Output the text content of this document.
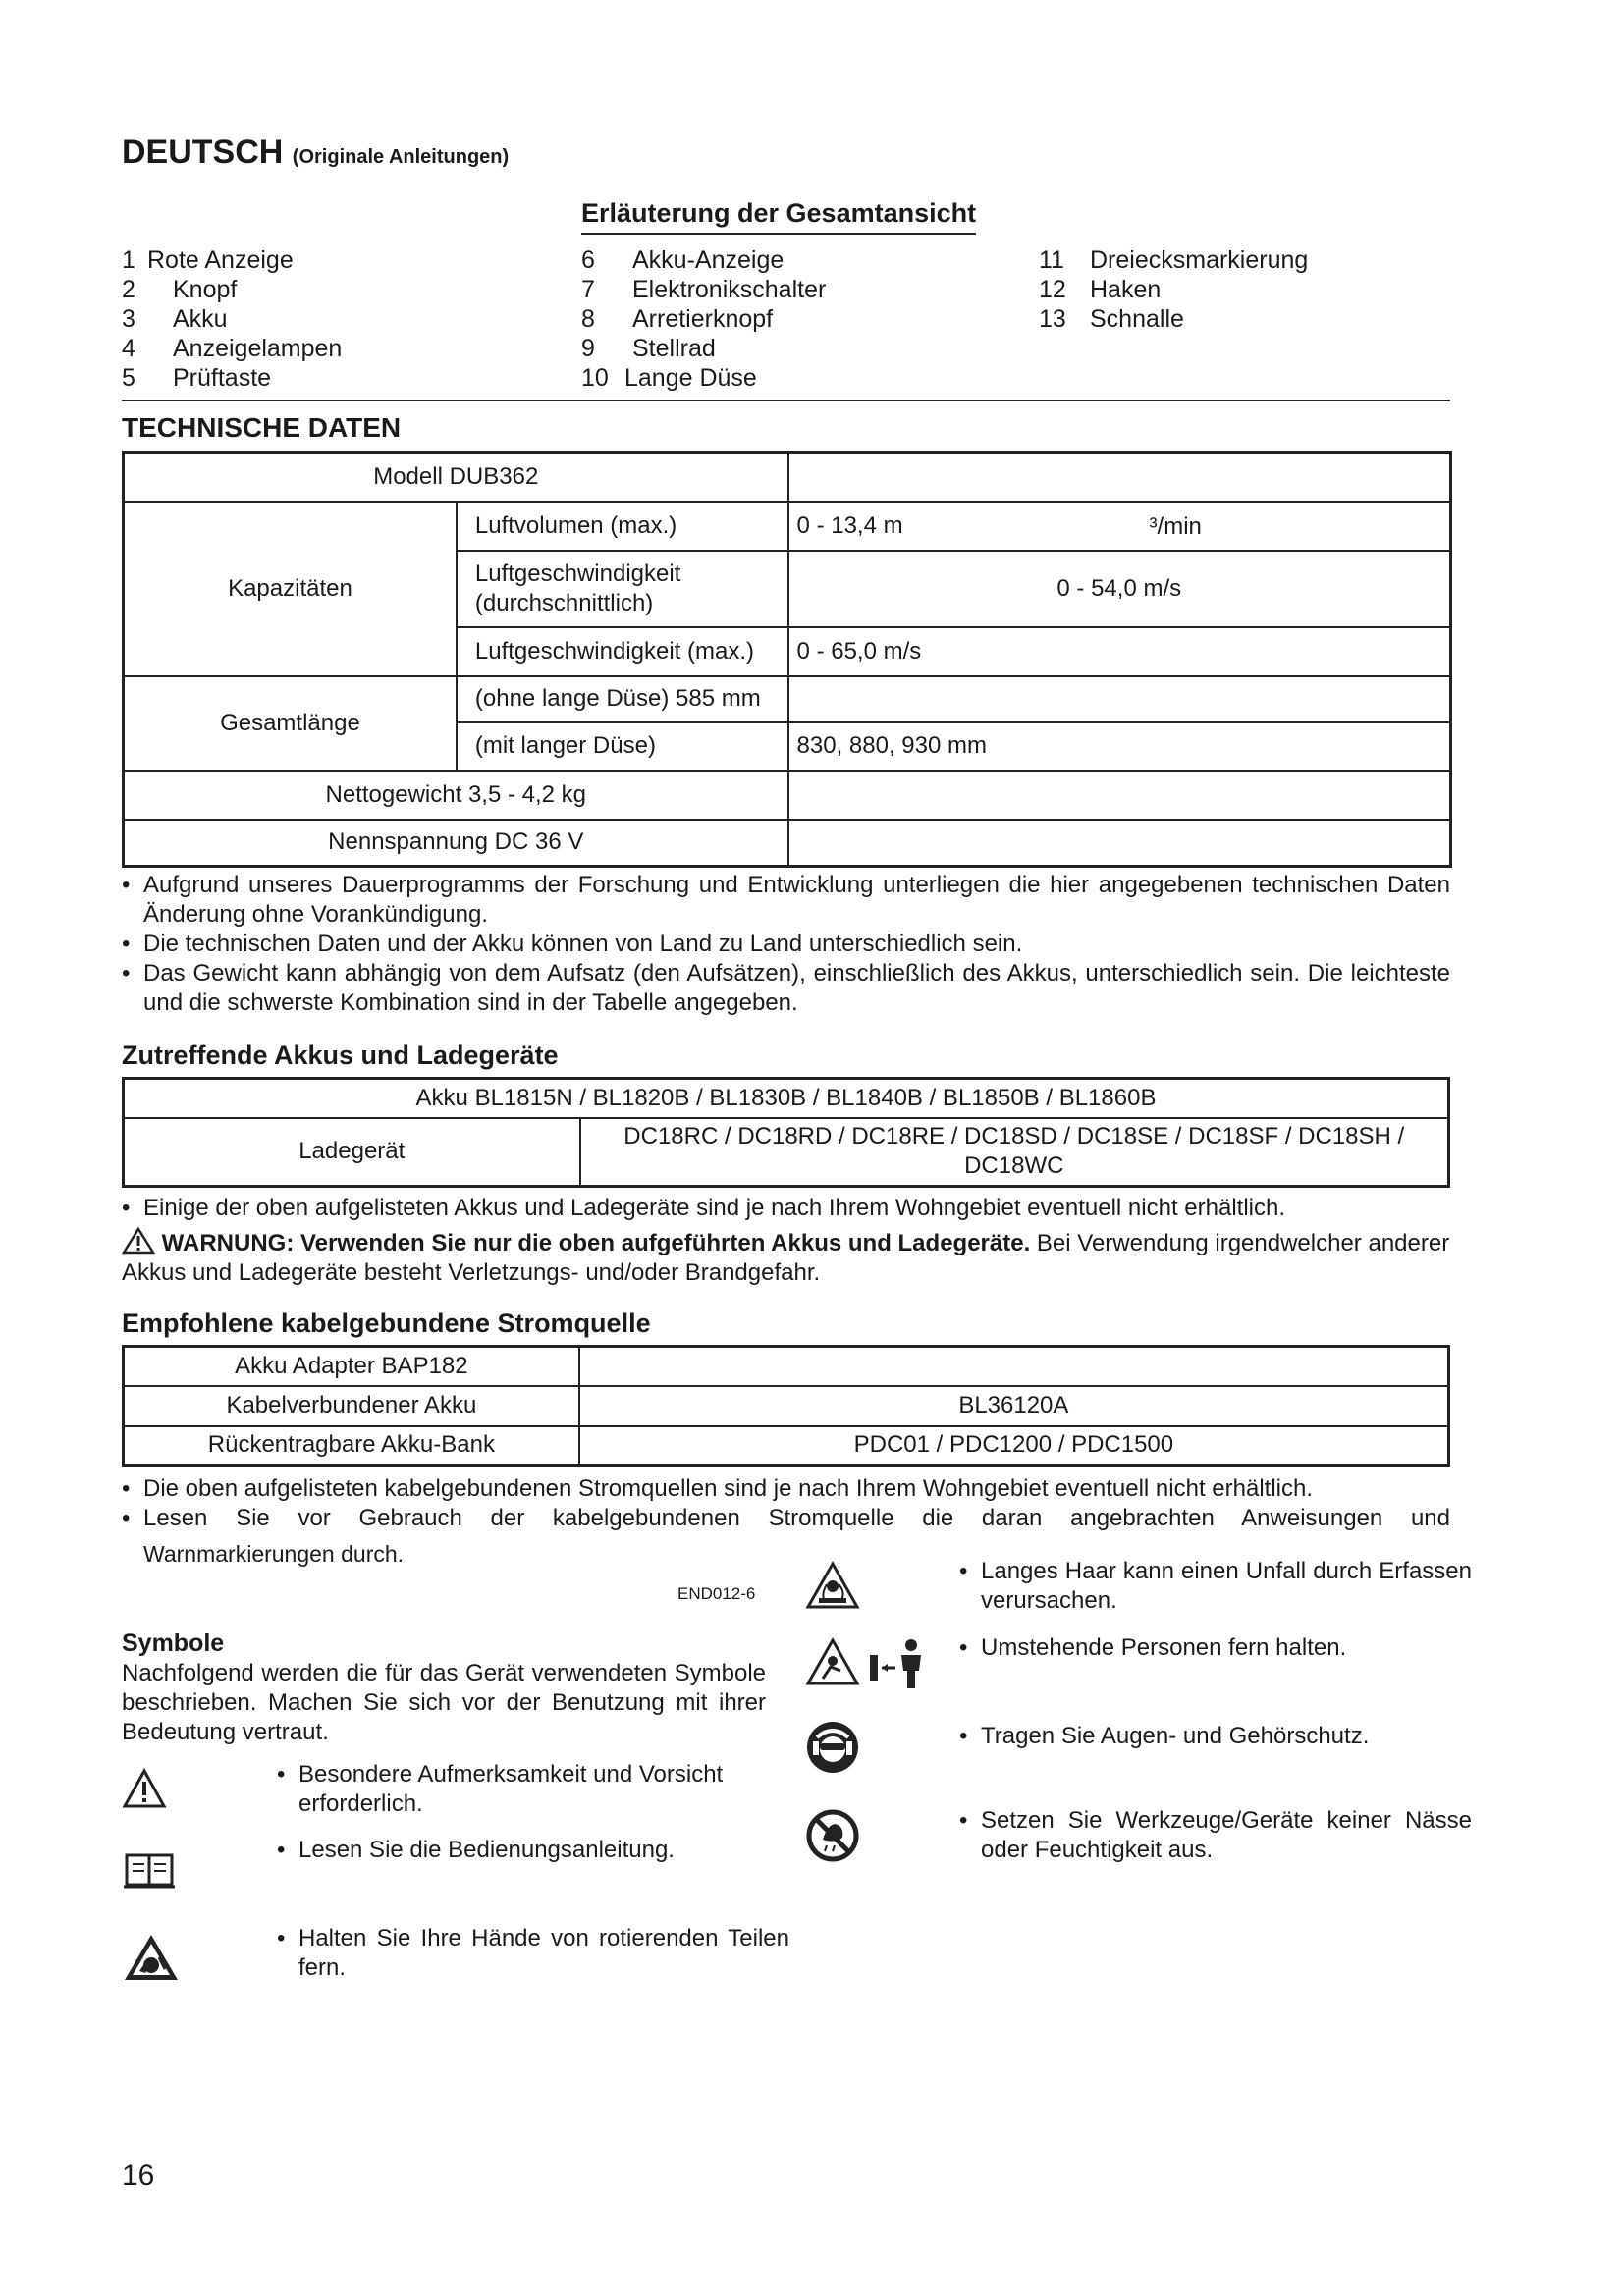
DEUTSCH (Originale Anleitungen)
Erläuterung der Gesamtansicht
1 Rote Anzeige
2 Knopf
3 Akku
4 Anzeigelampen
5 Prüftaste
6 Akku-Anzeige
7 Elektronikschalter
8 Arretierknopf
9 Stellrad
10 Lange Düse
11 Dreiecksmarkierung
12 Haken
13 Schnalle
TECHNISCHE DATEN
Modell DUB362		
Kapazitäten	Luftvolumen (max.)	0 - 13,4 m ³/min

	Luftgeschwindigkeit (durchschnittlich)	0 - 54,0 m/s
	Luftgeschwindigkeit (max.)	0 - 65,0 m/s
Gesamtlänge	(ohne lange Düse) 585 mm	
	(mit langer Düse)	830, 880, 930 mm
Nettogewicht 3,5 - 4,2 kg		
Nennspannung DC 36 V		
• Aufgrund unseres Dauerprogramms der Forschung und Entwicklung unterliegen die hier angegebenen technischen Daten Änderung ohne Vorankündigung.
• Die technischen Daten und der Akku können von Land zu Land unterschiedlich sein.
• Das Gewicht kann abhängig von dem Aufsatz (den Aufsätzen), einschließlich des Akkus, unterschiedlich sein. Die leichteste und die schwerste Kombination sind in der Tabelle angegeben.
Zutreffende Akkus und Ladegeräte
Akku BL1815N / BL1820B / BL1830B / BL1840B / BL1850B / BL1860B
Ladegerät	DC18RC / DC18RD / DC18RE / DC18SD / DC18SE / DC18SF / DC18SH / DC18WC
• Einige der oben aufgelisteten Akkus und Ladegeräte sind je nach Ihrem Wohngebiet eventuell nicht erhältlich.
WARNUNG: Verwenden Sie nur die oben aufgeführten Akkus und Ladegeräte. Bei Verwendung irgendwelcher anderer Akkus und Ladegeräte besteht Verletzungs- und/oder Brandgefahr.
Empfohlene kabelgebundene Stromquelle
Akku Adapter BAP182	
Kabelverbundener Akku	BL36120A
Rückentragbare Akku-Bank	PDC01 / PDC1200 / PDC1500
• Die oben aufgelisteten kabelgebundenen Stromquellen sind je nach Ihrem Wohngebiet eventuell nicht erhältlich.
• Lesen Sie vor Gebrauch der kabelgebundenen Stromquelle die daran angebrachten Anweisungen und
Warnmarkierungen durch.
END012-6
Symbole
Nachfolgend werden die für das Gerät verwendeten Symbole beschrieben. Machen Sie sich vor der Benutzung mit ihrer Bedeutung vertraut.
• Besondere Aufmerksamkeit und Vorsicht erforderlich.
• Lesen Sie die Bedienungsanleitung.
• Halten Sie Ihre Hände von rotierenden Teilen fern.
• Langes Haar kann einen Unfall durch Erfassen verursachen.
• Umstehende Personen fern halten.
• Tragen Sie Augen- und Gehörschutz.
• Setzen Sie Werkzeuge/Geräte keiner Nässe oder Feuchtigkeit aus.
16
